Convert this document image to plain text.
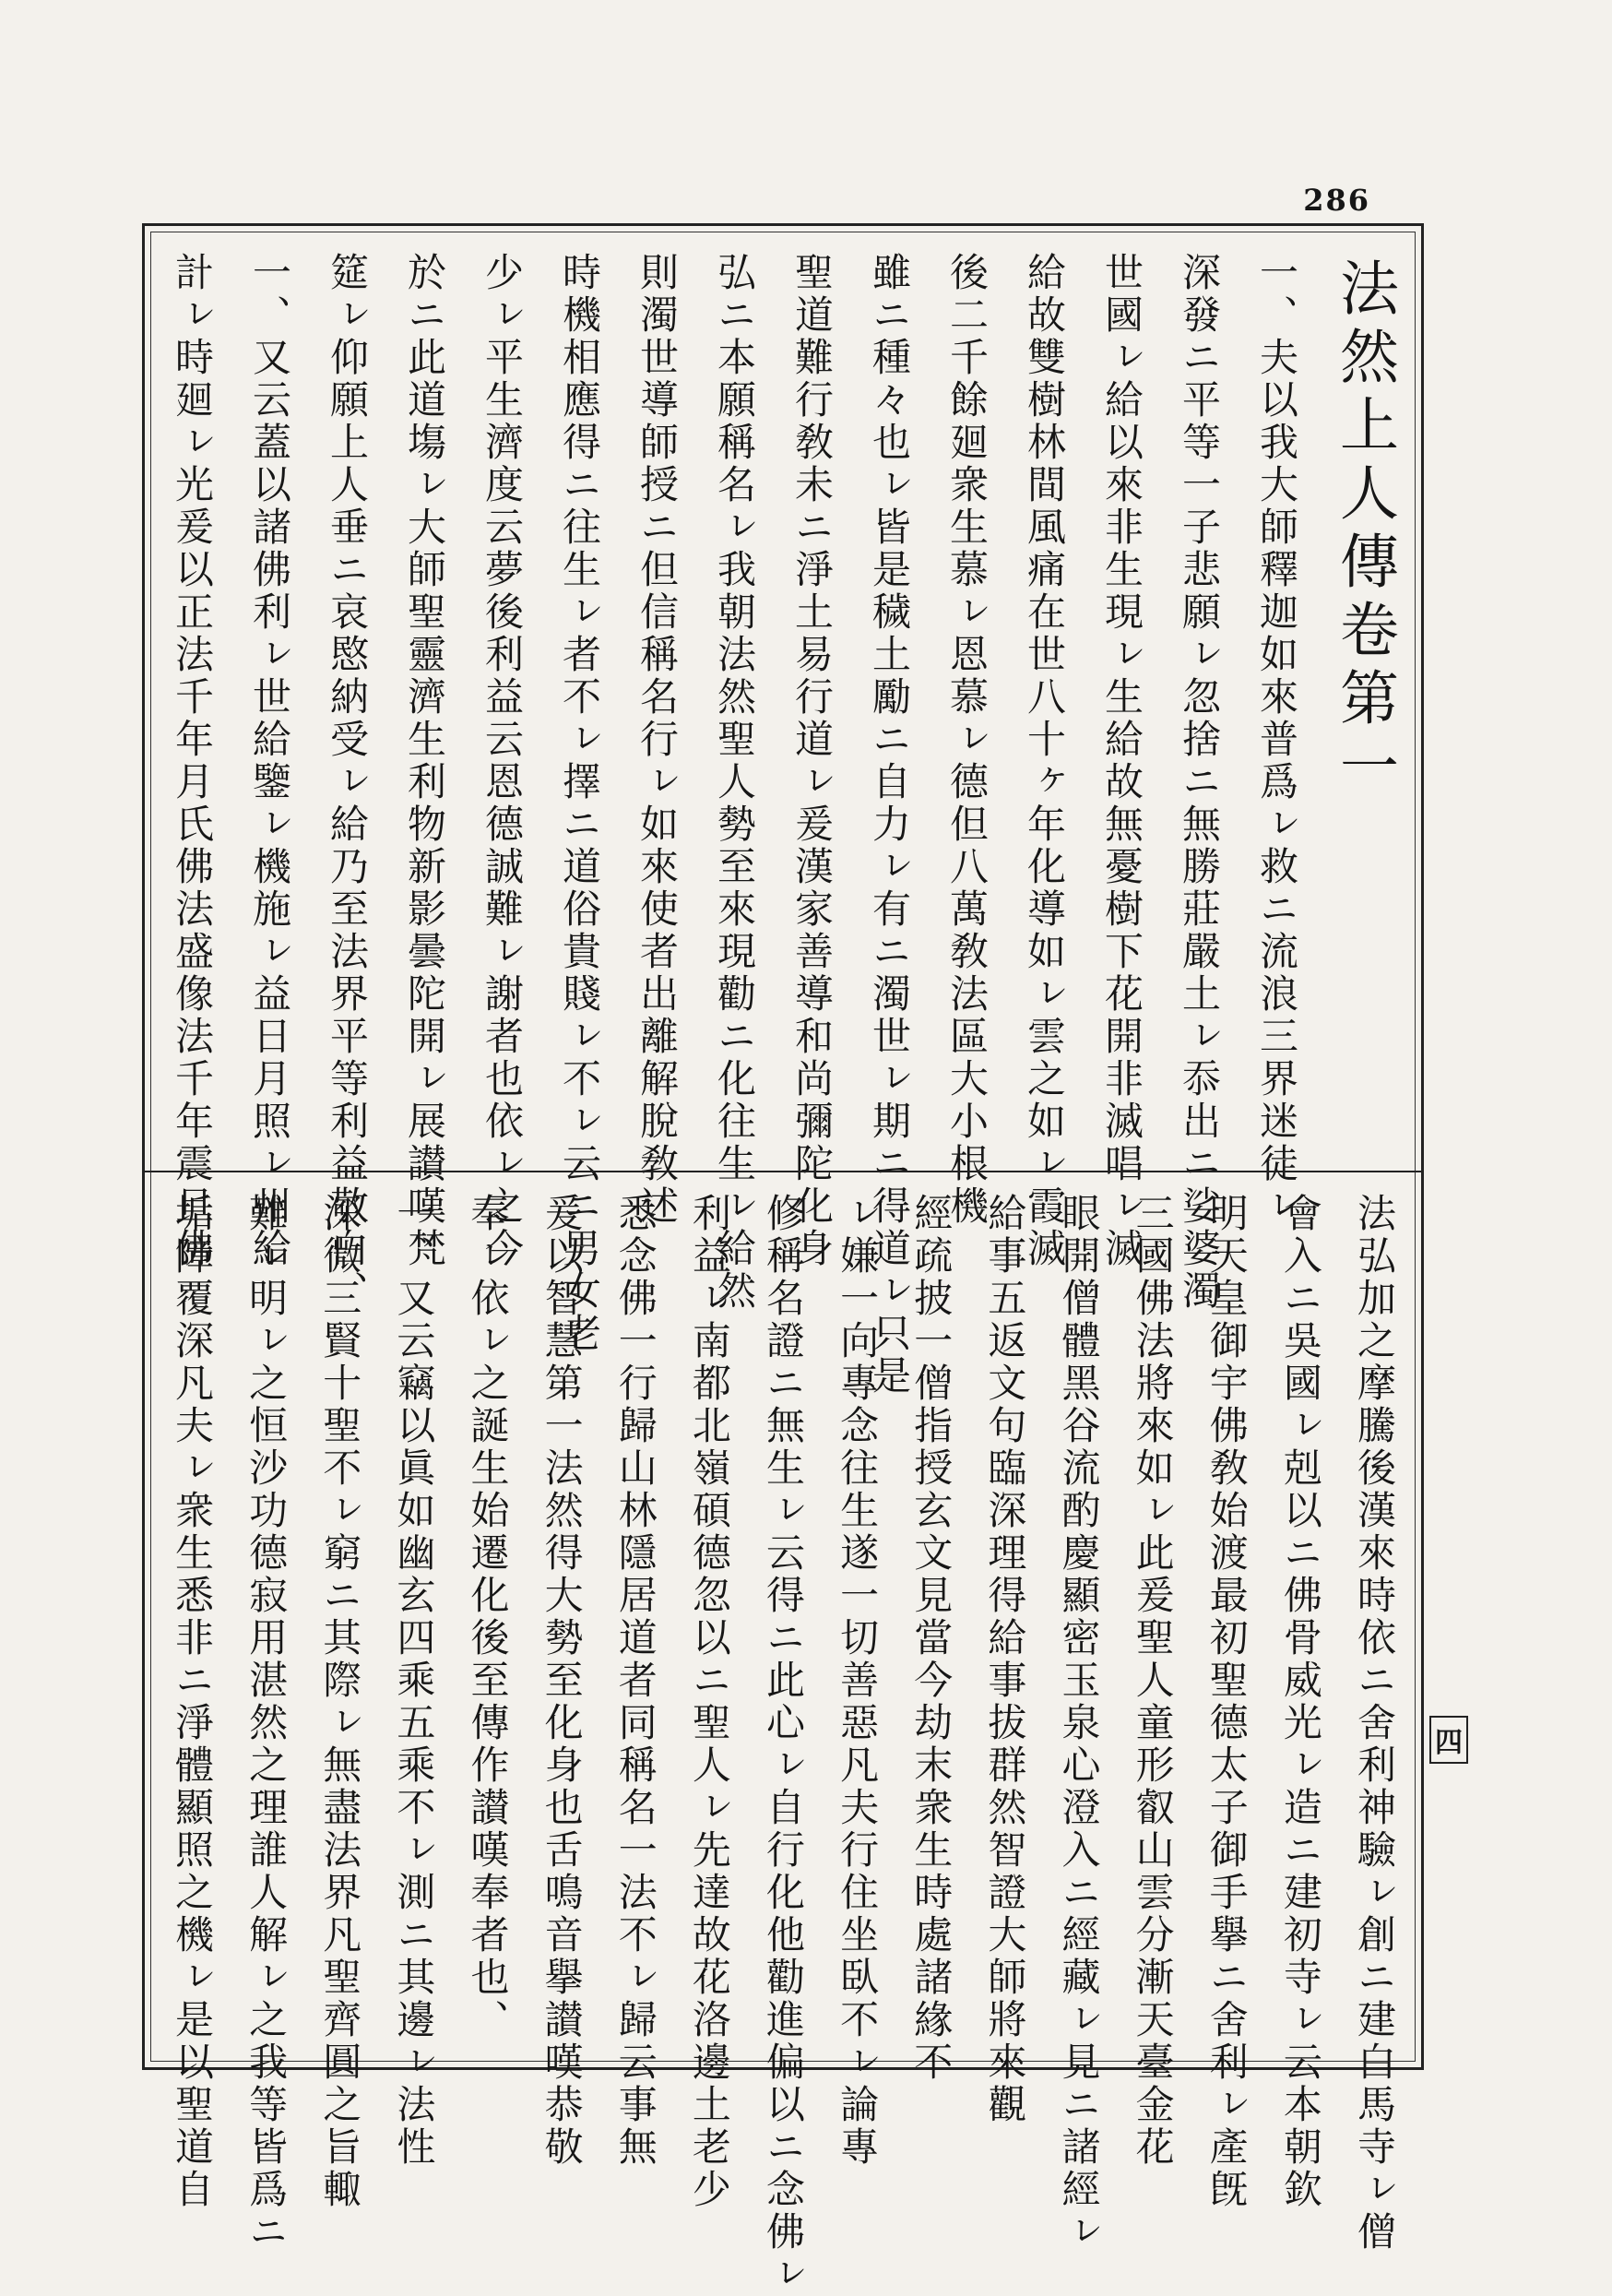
286
法然上人傳卷第一
一、夫以我大師釋迦如來普爲ㇾ救ニ流浪三界迷徒ㇾ
深發ニ平等一子悲願ㇾ忽捨ニ無勝莊嚴土ㇾ忝出ニ娑婆濁
世國ㇾ給以來非生現ㇾ生給故無憂樹下花開非滅唱ㇾ滅
給故雙樹林間風痛在世八十ヶ年化導如ㇾ雲之如ㇾ霞滅
後二千餘廻衆生慕ㇾ恩慕ㇾ德但八萬敎法區大小根機
雖ニ種々也ㇾ皆是穢土勵ニ自力ㇾ有ニ濁世ㇾ期ニ得道ㇾ只是
聖道難行敎未ニ淨土易行道ㇾ爰漢家善導和尚彌陀化身
弘ニ本願稱名ㇾ我朝法然聖人勢至來現勸ニ化往生ㇾ給然
則濁世導師授ニ但信稱名行ㇾ如來使者出離解脫敎述
時機相應得ニ往生ㇾ者不ㇾ擇ニ道俗貴賤ㇾ不ㇾ云ニ男女老
少ㇾ平生濟度云夢後利益云恩德誠難ㇾ謝者也依ㇾ之今
於ニ此道塲ㇾ大師聖靈濟生利物新影曇陀開ㇾ展讃嘆梵
筵ㇾ仰願上人垂ニ哀愍納受ㇾ給乃至法界平等利益敬白、
一、又云蓋以諸佛利ㇾ世給鑒ㇾ機施ㇾ益日月照ㇾ州給
計ㇾ時廻ㇾ光爰以正法千年月氏佛法盛像法千年震旦佛
法弘加之摩騰後漢來時依ニ舍利神驗ㇾ創ニ建白馬寺ㇾ僧
會入ニ吳國ㇾ剋以ニ佛骨威光ㇾ造ニ建初寺ㇾ云本朝欽
明天皇御宇佛敎始渡最初聖德太子御手擧ニ舍利ㇾ產旣
三國佛法將來如ㇾ此爰聖人童形叡山雲分漸天臺金花
眼開僧體黑谷流酌慶顯密玉泉心澄入ニ經藏ㇾ見ニ諸經ㇾ
給事五返文句臨深理得給事拔群然智證大師將來觀
經疏披一僧指授玄文見當今劫末衆生時處諸緣不
ㇾ嫌一向專念往生遂一切善惡凡夫行住坐臥不ㇾ論專
修稱名證ニ無生ㇾ云得ニ此心ㇾ自行化他勸進偏以ニ念佛ㇾ
利益ㇾ南都北嶺碩德忽以ニ聖人ㇾ先達故花洛邊土老少
悉念佛一行歸山林隱居道者同稱名一法不ㇾ歸云事無
爰以智慧第一法然得大勢至化身也舌鳴音擧讃嘆恭敬
奉ㇾ依ㇾ之誕生始遷化後至傳作讃嘆奉者也、
一、又云竊以眞如幽玄四乘五乘不ㇾ測ニ其邊ㇾ法性
深微三賢十聖不ㇾ窮ニ其際ㇾ無盡法界凡聖齊圓之旨輙
難ㇾ明ㇾ之恒沙功德寂用湛然之理誰人解ㇾ之我等皆爲ニ
垢障覆深凡夫ㇾ衆生悉非ニ淨體顯照之機ㇾ是以聖道自	四
